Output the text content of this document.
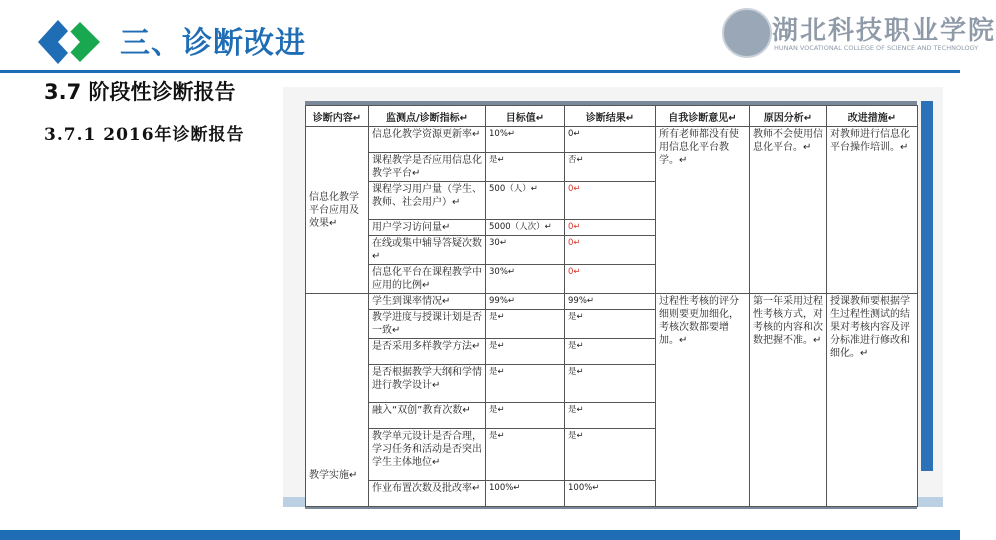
三、诊断改进	湖北科技职业学院
HUNAN VOCATIONAL COLLEGE OF SCIENCE AND TECHNOLOGY
3.7 阶段性诊断报告
3.7.1 2016年诊断报告
诊断内容↵	监测点/诊断指标↵	目标值↵	诊断结果↵	自我诊断意见↵	原因分析↵	改进措施↵
信息化教学平台应用及效果↵	信息化教学资源更新率↵	10%↵	0↵	所有老师都没有使用信息化平台教学。↵	教师不会使用信息化平台。↵	对教师进行信息化平台操作培训。↵
	课程教学是否应用信息化教学平台↵	是↵	否↵			
	课程学习用户量（学生、教师、社会用户）↵	500（人）↵	0↵			
	用户学习访问量↵	5000（人次）↵	0↵			
	在线或集中辅导答疑次数↵	30↵	0↵			
	信息化平台在课程教学中应用的比例↵	30%↵	0↵			
教学实施↵	学生到课率情况↵	99%↵	99%↵	过程性考核的评分细则要更加细化，考核次数都要增加。↵	第一年采用过程性考核方式，对考核的内容和次数把握不准。↵	授课教师要根据学生过程性测试的结果对考核内容及评分标准进行修改和细化。↵
	教学进度与授课计划是否一致↵	是↵	是↵			
	是否采用多样教学方法↵	是↵	是↵			
	是否根据教学大纲和学情进行教学设计↵	是↵	是↵			
	融入“双创”教育次数↵	是↵	是↵			
	教学单元设计是否合理，学习任务和活动是否突出学生主体地位↵	是↵	是↵			
	作业布置次数及批改率↵	100%↵	100%↵			
